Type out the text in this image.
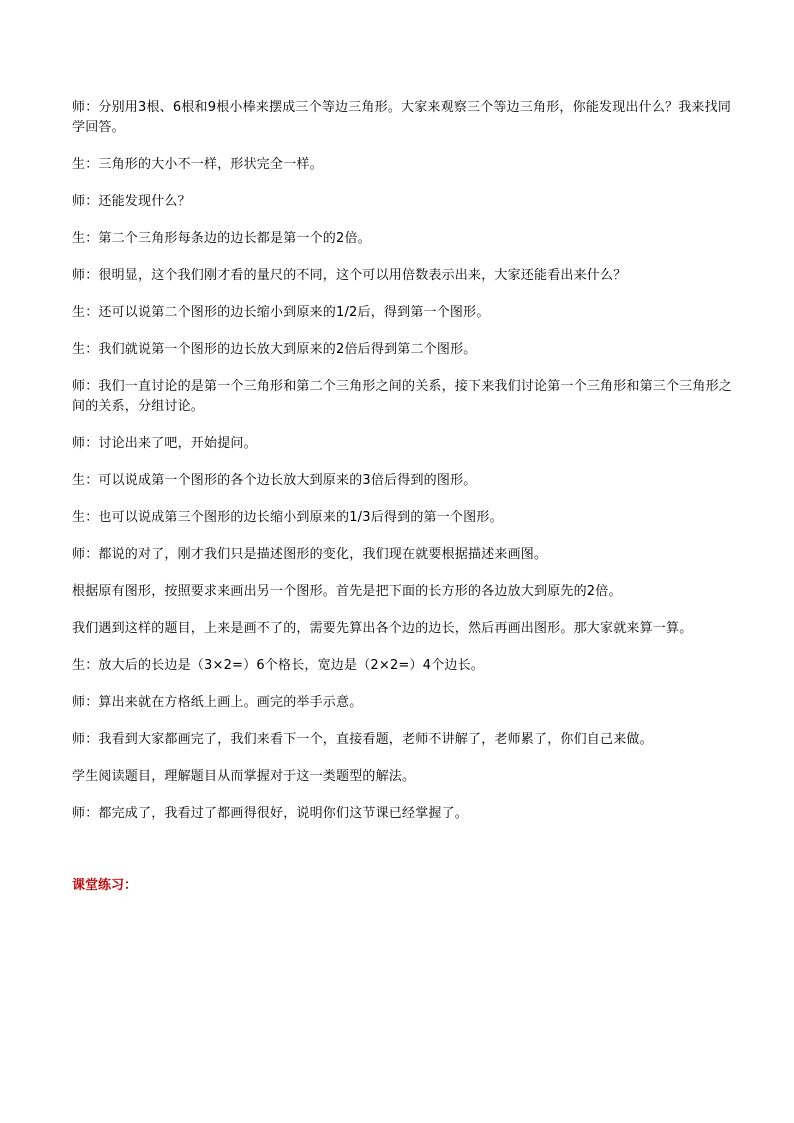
师：分别用3根、6根和9根小棒来摆成三个等边三角形。大家来观察三个等边三角形，你能发现出什么？我来找同学回答。

生：三角形的大小不一样，形状完全一样。

师：还能发现什么？

生：第二个三角形每条边的边长都是第一个的2倍。

师：很明显，这个我们刚才看的量尺的不同，这个可以用倍数表示出来，大家还能看出来什么？

生：还可以说第二个图形的边长缩小到原来的1/2后，得到第一个图形。

生：我们就说第一个图形的边长放大到原来的2倍后得到第二个图形。

师：我们一直讨论的是第一个三角形和第二个三角形之间的关系，接下来我们讨论第一个三角形和第三个三角形之间的关系，分组讨论。

师：讨论出来了吧，开始提问。

生：可以说成第一个图形的各个边长放大到原来的3倍后得到的图形。

生：也可以说成第三个图形的边长缩小到原来的1/3后得到的第一个图形。

师：都说的对了，刚才我们只是描述图形的变化，我们现在就要根据描述来画图。

根据原有图形，按照要求来画出另一个图形。首先是把下面的长方形的各边放大到原先的2倍。

我们遇到这样的题目，上来是画不了的，需要先算出各个边的边长，然后再画出图形。那大家就来算一算。

生：放大后的长边是（3×2=）6个格长，宽边是（2×2=）4个边长。

师：算出来就在方格纸上画上。画完的举手示意。

师：我看到大家都画完了，我们来看下一个，直接看题，老师不讲解了，老师累了，你们自己来做。

学生阅读题目，理解题目从而掌握对于这一类题型的解法。

师：都完成了，我看过了都画得很好，说明你们这节课已经掌握了。

课堂练习：
